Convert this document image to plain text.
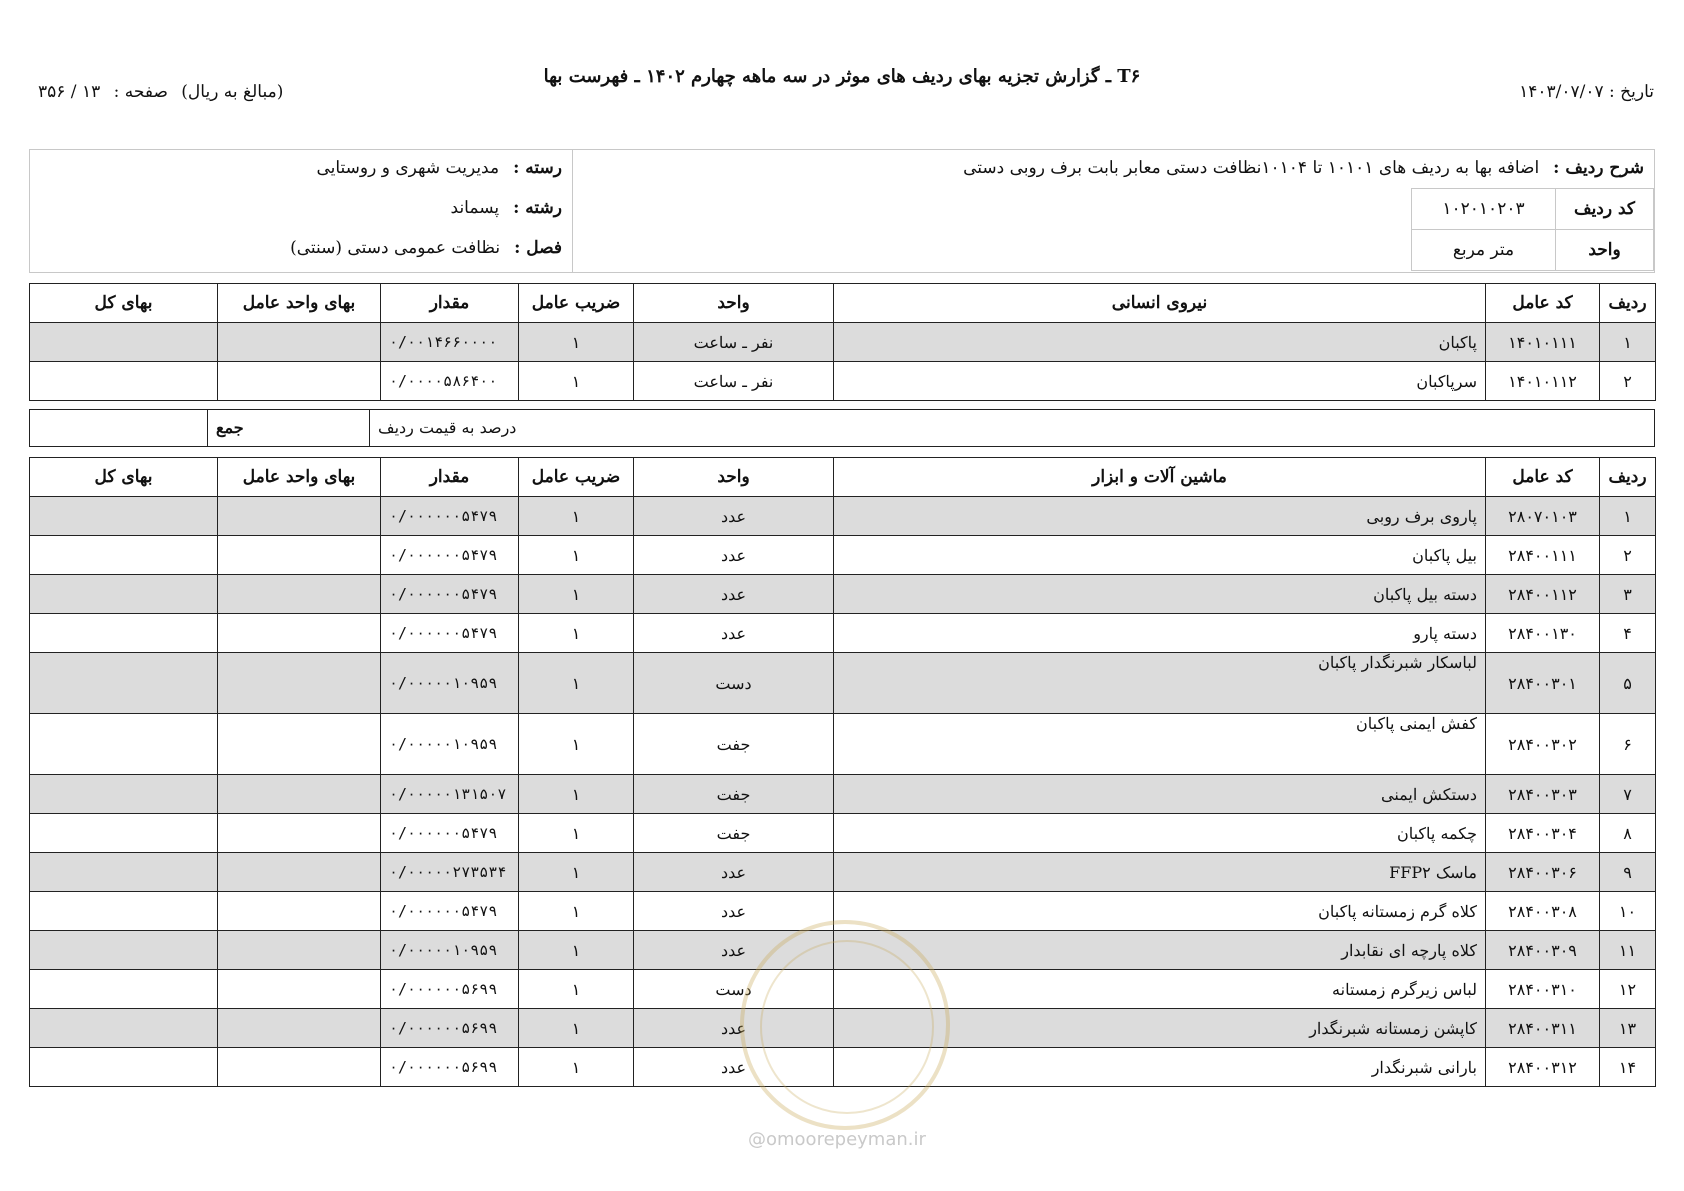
T۶ ـ گزارش تجزیه بهای ردیف های موثر در سه ماهه چهارم ۱۴۰۲ ـ فهرست بها
تاریخ : ۱۴۰۳/۰۷/۰۷
(مبالغ به ریال) صفحه : ۱۳ / ۳۵۶
شرح ردیف :اضافه بها به ردیف های ۱۰۱۰۱ تا ۱۰۱۰۴نظافت دستی معابر بابت برف روبی دستی
کد ردیف	۱۰۲۰۱۰۲۰۳
واحد	متر مربع
رسته :مدیریت شهری و روستایی
رشته :پسماند
فصل :نظافت عمومی دستی (سنتی)
ردیف	کد عامل	نیروی انسانی	واحد	ضریب عامل	مقدار	بهای واحد عامل	بهای کل
۱	۱۴۰۱۰۱۱۱	پاکبان	نفر ـ ساعت	۱	۰/۰۰۱۴۶۶۰۰۰۰		
۲	۱۴۰۱۰۱۱۲	سرپاکبان	نفر ـ ساعت	۱	۰/۰۰۰۰۵۸۶۴۰۰		
درصد به قیمت ردیف
جمع
ردیف	کد عامل	ماشین آلات و ابزار	واحد	ضریب عامل	مقدار	بهای واحد عامل	بهای کل
۱	۲۸۰۷۰۱۰۳	پاروی برف روبی	عدد	۱	۰/۰۰۰۰۰۰۵۴۷۹		
۲	۲۸۴۰۰۱۱۱	بیل پاکبان	عدد	۱	۰/۰۰۰۰۰۰۵۴۷۹		
۳	۲۸۴۰۰۱۱۲	دسته بیل پاکبان	عدد	۱	۰/۰۰۰۰۰۰۵۴۷۹		
۴	۲۸۴۰۰۱۳۰	دسته پارو	عدد	۱	۰/۰۰۰۰۰۰۵۴۷۹		
۵	۲۸۴۰۰۳۰۱	لباسکار شبرنگدار پاکبان	دست	۱	۰/۰۰۰۰۰۱۰۹۵۹		
۶	۲۸۴۰۰۳۰۲	کفش ایمنی پاکبان	جفت	۱	۰/۰۰۰۰۰۱۰۹۵۹		
۷	۲۸۴۰۰۳۰۳	دستکش ایمنی	جفت	۱	۰/۰۰۰۰۰۱۳۱۵۰۷		
۸	۲۸۴۰۰۳۰۴	چکمه پاکبان	جفت	۱	۰/۰۰۰۰۰۰۵۴۷۹		
۹	۲۸۴۰۰۳۰۶	ماسک FFP۲	عدد	۱	۰/۰۰۰۰۰۲۷۳۵۳۴		
۱۰	۲۸۴۰۰۳۰۸	کلاه گرم زمستانه پاکبان	عدد	۱	۰/۰۰۰۰۰۰۵۴۷۹		
۱۱	۲۸۴۰۰۳۰۹	کلاه پارچه ای نقابدار	عدد	۱	۰/۰۰۰۰۰۱۰۹۵۹		
۱۲	۲۸۴۰۰۳۱۰	لباس زیرگرم زمستانه	دست	۱	۰/۰۰۰۰۰۰۵۶۹۹		
۱۳	۲۸۴۰۰۳۱۱	کاپشن زمستانه شبرنگدار	عدد	۱	۰/۰۰۰۰۰۰۵۶۹۹		
۱۴	۲۸۴۰۰۳۱۲	بارانی شبرنگدار	عدد	۱	۰/۰۰۰۰۰۰۵۶۹۹		
@omoorepeyman.ir
